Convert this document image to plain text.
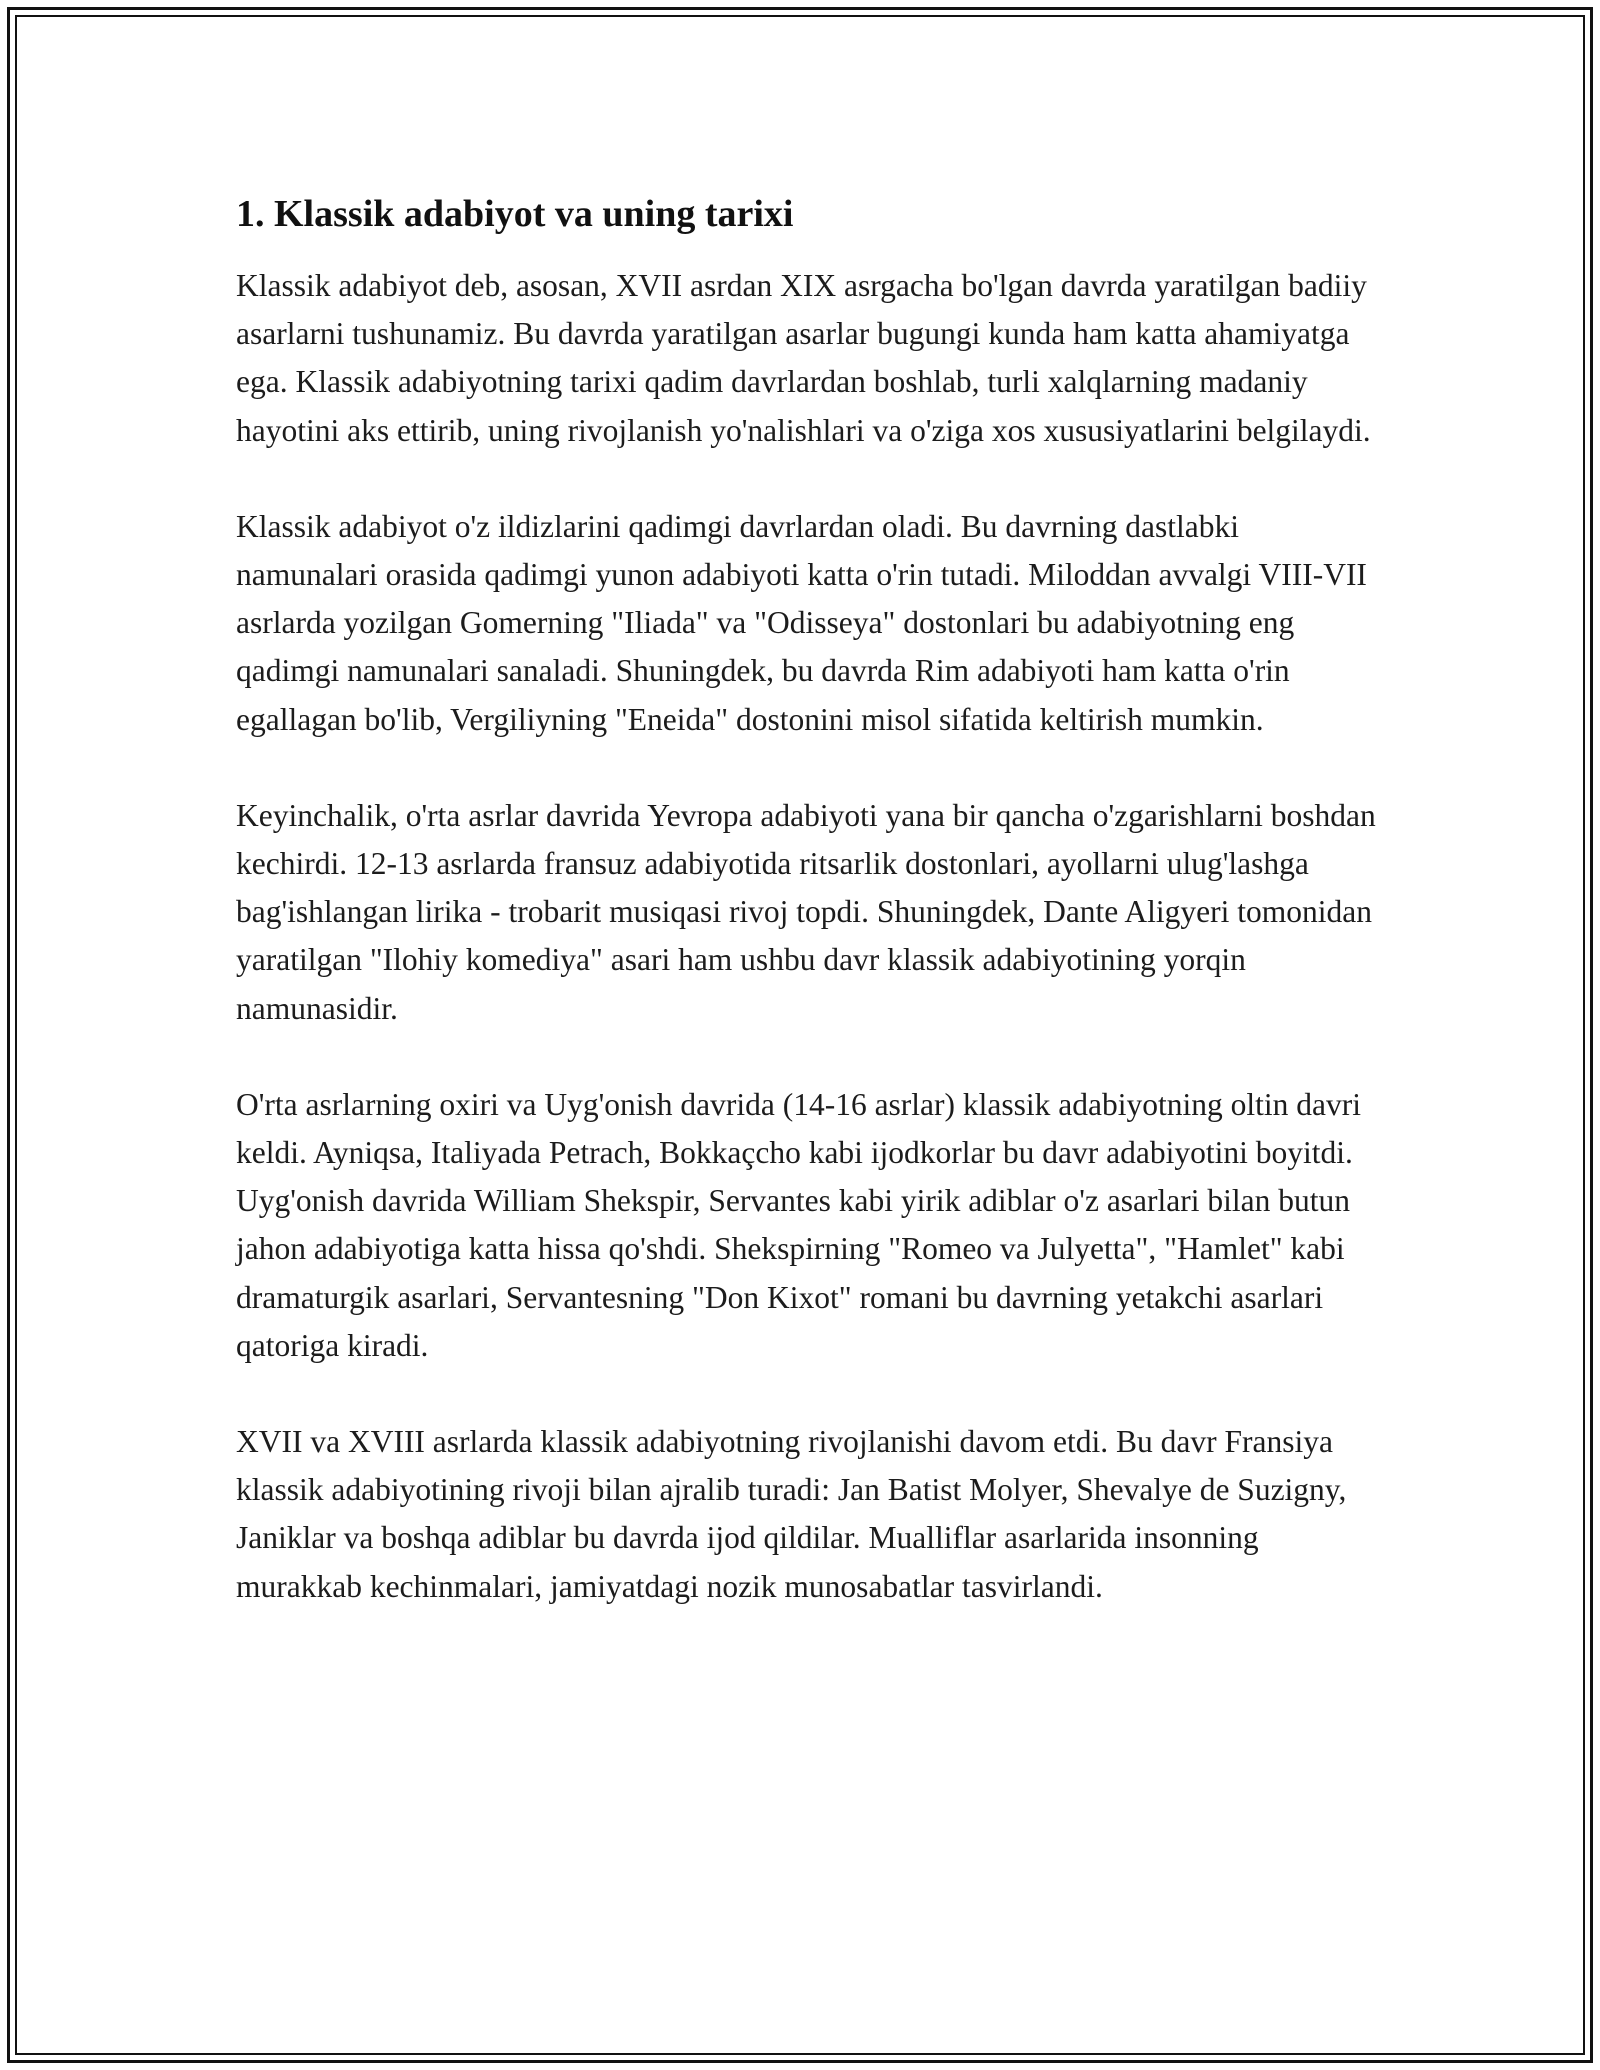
1. Klassik adabiyot va uning tarixi

Klassik adabiyot deb, asosan, XVII asrdan XIX asrgacha bo'lgan davrda yaratilgan badiiy asarlarni tushunamiz. Bu davrda yaratilgan asarlar bugungi kunda ham katta ahamiyatga ega. Klassik adabiyotning tarixi qadim davrlardan boshlab, turli xalqlarning madaniy hayotini aks ettirib, uning rivojlanish yo'nalishlari va o'ziga xos xususiyatlarini belgilaydi.

Klassik adabiyot o'z ildizlarini qadimgi davrlardan oladi. Bu davrning dastlabki namunalari orasida qadimgi yunon adabiyoti katta o'rin tutadi. Miloddan avvalgi VIII-VII asrlarda yozilgan Gomerning "Iliada" va "Odisseya" dostonlari bu adabiyotning eng qadimgi namunalari sanaladi. Shuningdek, bu davrda Rim adabiyoti ham katta o'rin egallagan bo'lib, Vergiliyning "Eneida" dostonini misol sifatida keltirish mumkin.

Keyinchalik, o'rta asrlar davrida Yevropa adabiyoti yana bir qancha o'zgarishlarni boshdan kechirdi. 12-13 asrlarda fransuz adabiyotida ritsarlik dostonlari, ayollarni ulug'lashga bag'ishlangan lirika - trobarit musiqasi rivoj topdi. Shuningdek, Dante Aligyeri tomonidan yaratilgan "Ilohiy komediya" asari ham ushbu davr klassik adabiyotining yorqin namunasidir.

O'rta asrlarning oxiri va Uyg'onish davrida (14-16 asrlar) klassik adabiyotning oltin davri keldi. Ayniqsa, Italiyada Petrach, Bokkaçcho kabi ijodkorlar bu davr adabiyotini boyitdi. Uyg'onish davrida William Shekspir, Servantes kabi yirik adiblar o'z asarlari bilan butun jahon adabiyotiga katta hissa qo'shdi. Shekspirning "Romeo va Julyetta", "Hamlet" kabi dramaturgik asarlari, Servantesning "Don Kixot" romani bu davrning yetakchi asarlari qatoriga kiradi.

XVII va XVIII asrlarda klassik adabiyotning rivojlanishi davom etdi. Bu davr Fransiya klassik adabiyotining rivoji bilan ajralib turadi: Jan Batist Molyer, Shevalye de Suzigny, Janiklar va boshqa adiblar bu davrda ijod qildilar. Mualliflar asarlarida insonning murakkab kechinmalari, jamiyatdagi nozik munosabatlar tasvirlandi.
